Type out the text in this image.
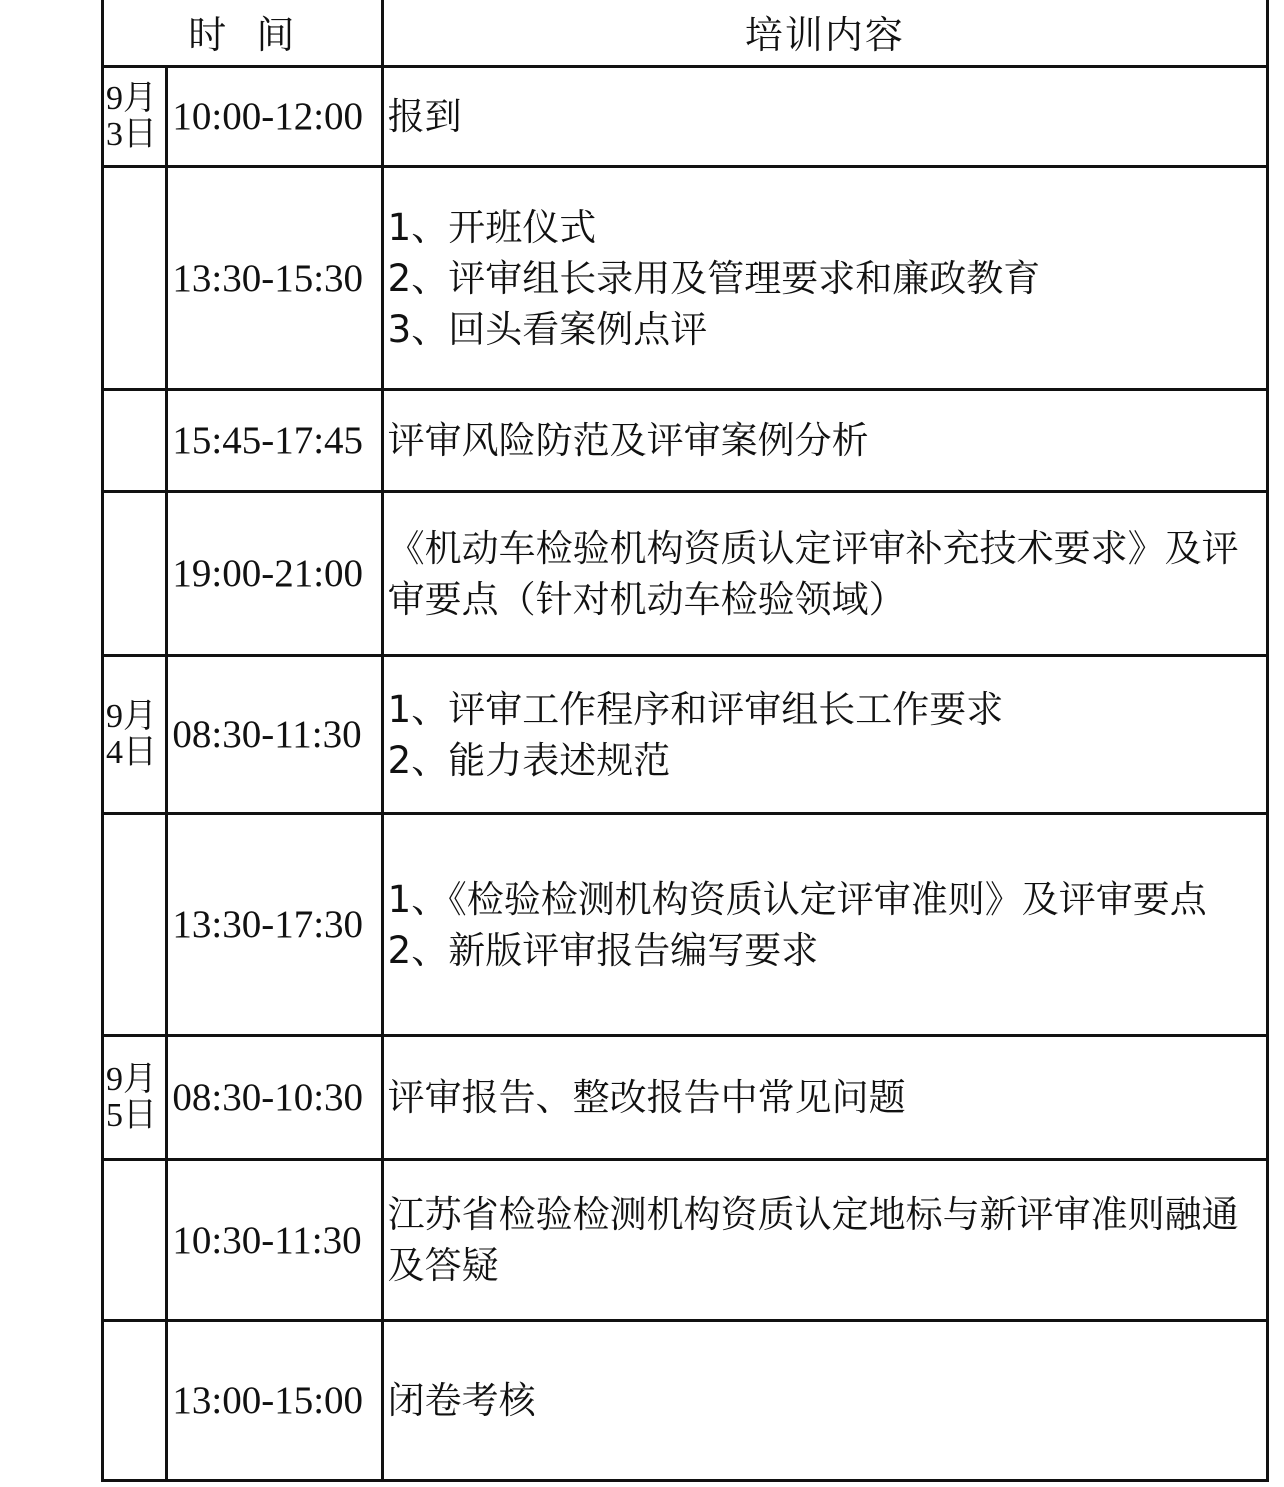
时  间		培训内容
9月
3日	10:00-12:00	报到
	13:30-15:30	1、开班仪式
2、评审组长录用及管理要求和廉政教育
3、回头看案例点评
	15:45-17:45	评审风险防范及评审案例分析
	19:00-21:00	《机动车检验机构资质认定评审补充技术要求》及评审要点（针对机动车检验领域）
9月
4日	08:30-11:30	1、评审工作程序和评审组长工作要求
2、能力表述规范
	13:30-17:30	1、《检验检测机构资质认定评审准则》及评审要点
2、新版评审报告编写要求
9月
5日	08:30-10:30	评审报告、整改报告中常见问题
	10:30-11:30	江苏省检验检测机构资质认定地标与新评审准则融通及答疑
	13:00-15:00	闭卷考核
